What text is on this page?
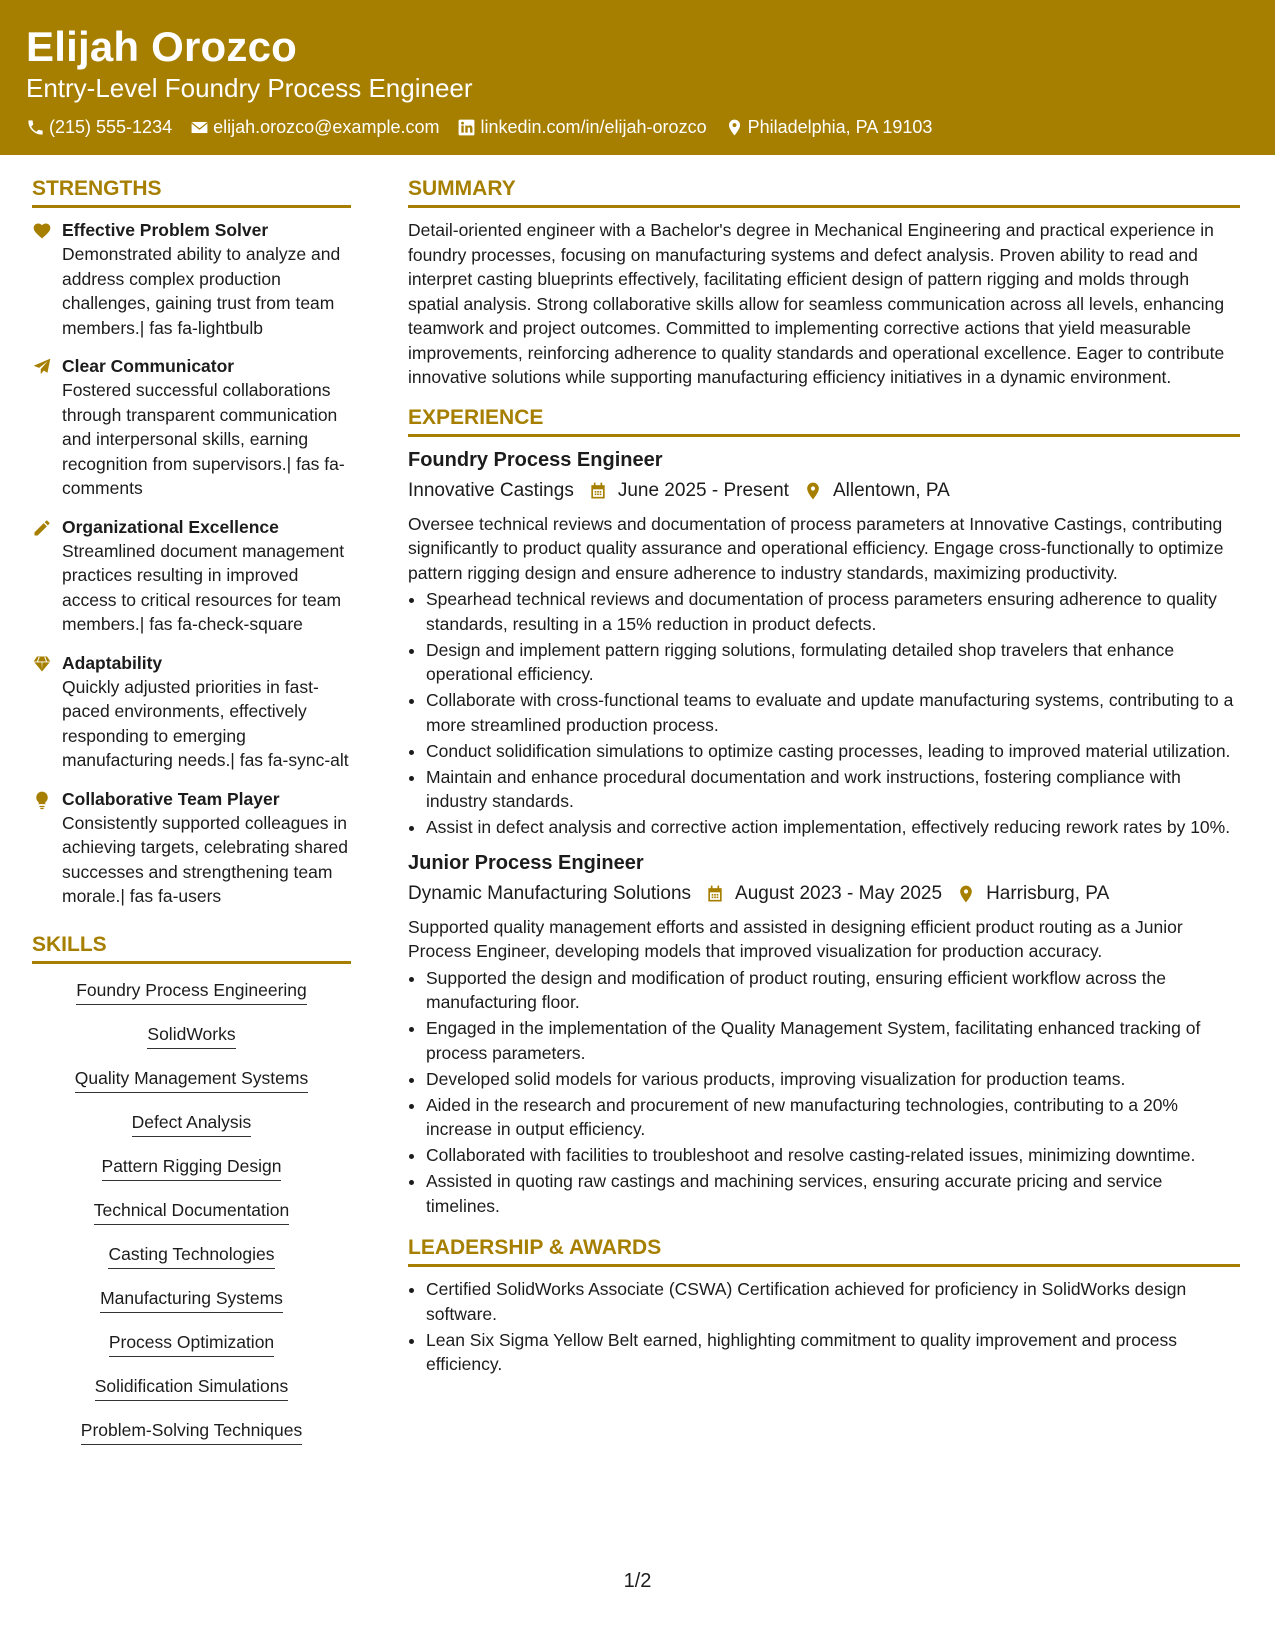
Elijah Orozco
Entry-Level Foundry Process Engineer
(215) 555-1234 elijah.orozco@example.com linkedin.com/in/elijah-orozco Philadelphia, PA 19103
STRENGTHS
Effective Problem Solver
Demonstrated ability to analyze and address complex production challenges, gaining trust from team members.| fas fa-lightbulb
Clear Communicator
Fostered successful collaborations through transparent communication and interpersonal skills, earning recognition from supervisors.| fas fa-comments
Organizational Excellence
Streamlined document management practices resulting in improved access to critical resources for team members.| fas fa-check-square
Adaptability
Quickly adjusted priorities in fast-paced environments, effectively responding to emerging manufacturing needs.| fas fa-sync-alt
Collaborative Team Player
Consistently supported colleagues in achieving targets, celebrating shared successes and strengthening team morale.| fas fa-users
SKILLS
Foundry Process Engineering
SolidWorks
Quality Management Systems
Defect Analysis
Pattern Rigging Design
Technical Documentation
Casting Technologies
Manufacturing Systems
Process Optimization
Solidification Simulations
Problem-Solving Techniques
SUMMARY

Detail-oriented engineer with a Bachelor's degree in Mechanical Engineering and practical experience in foundry processes, focusing on manufacturing systems and defect analysis. Proven ability to read and interpret casting blueprints effectively, facilitating efficient design of pattern rigging and molds through spatial analysis. Strong collaborative skills allow for seamless communication across all levels, enhancing teamwork and project outcomes. Committed to implementing corrective actions that yield measurable improvements, reinforcing adherence to quality standards and operational excellence. Eager to contribute innovative solutions while supporting manufacturing efficiency initiatives in a dynamic environment.

EXPERIENCE
Foundry Process Engineer
Innovative Castings June 2025 - Present Allentown, PA

Oversee technical reviews and documentation of process parameters at Innovative Castings, contributing significantly to product quality assurance and operational efficiency. Engage cross-functionally to optimize pattern rigging design and ensure adherence to industry standards, maximizing productivity.

• Spearhead technical reviews and documentation of process parameters ensuring adherence to quality standards, resulting in a 15% reduction in product defects.
• Design and implement pattern rigging solutions, formulating detailed shop travelers that enhance operational efficiency.
• Collaborate with cross-functional teams to evaluate and update manufacturing systems, contributing to a more streamlined production process.
• Conduct solidification simulations to optimize casting processes, leading to improved material utilization.
• Maintain and enhance procedural documentation and work instructions, fostering compliance with industry standards.
• Assist in defect analysis and corrective action implementation, effectively reducing rework rates by 10%.
Junior Process Engineer
Dynamic Manufacturing Solutions August 2023 - May 2025 Harrisburg, PA

Supported quality management efforts and assisted in designing efficient product routing as a Junior Process Engineer, developing models that improved visualization for production accuracy.

• Supported the design and modification of product routing, ensuring efficient workflow across the manufacturing floor.
• Engaged in the implementation of the Quality Management System, facilitating enhanced tracking of process parameters.
• Developed solid models for various products, improving visualization for production teams.
• Aided in the research and procurement of new manufacturing technologies, contributing to a 20% increase in output efficiency.
• Collaborated with facilities to troubleshoot and resolve casting-related issues, minimizing downtime.
• Assisted in quoting raw castings and machining services, ensuring accurate pricing and service timelines.
LEADERSHIP & AWARDS
• Certified SolidWorks Associate (CSWA) Certification achieved for proficiency in SolidWorks design software.
• Lean Six Sigma Yellow Belt earned, highlighting commitment to quality improvement and process efficiency.
1/2
